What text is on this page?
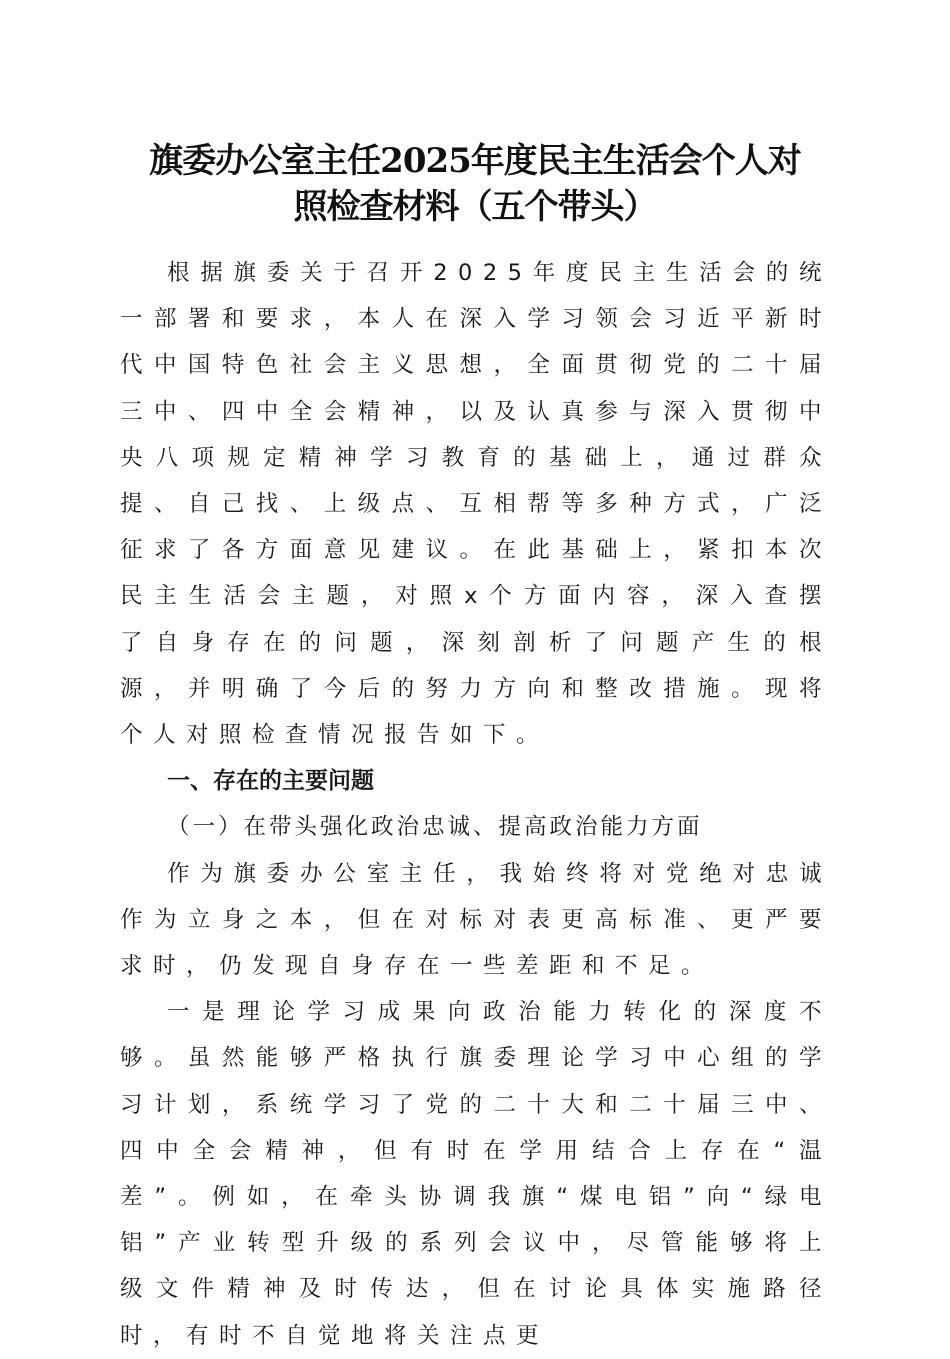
旗委办公室主任2025年度民主生活会个人对
照检查材料（五个带头）

根据旗委关于召开2025年度民主生活会的统一部署和要求，本人在深入学习领会习近平新时代中国特色社会主义思想，全面贯彻党的二十届三中、四中全会精神，以及认真参与深入贯彻中央八项规定精神学习教育的基础上，通过群众提、自己找、上级点、互相帮等多种方式，广泛征求了各方面意见建议。在此基础上，紧扣本次民主生活会主题，对照x个方面内容，深入查摆了自身存在的问题，深刻剖析了问题产生的根源，并明确了今后的努力方向和整改措施。现将个人对照检查情况报告如下。

一、存在的主要问题

（一）在带头强化政治忠诚、提高政治能力方面

作为旗委办公室主任，我始终将对党绝对忠诚作为立身之本，但在对标对表更高标准、更严要求时，仍发现自身存在一些差距和不足。

一是理论学习成果向政治能力转化的深度不够。虽然能够严格执行旗委理论学习中心组的学习计划，系统学习了党的二十大和二十届三中、四中全会精神，但有时在学用结合上存在“温差”。例如，在牵头协调我旗“煤电铝”向“绿电铝”产业转型升级的系列会议中，尽管能够将上级文件精神及时传达，但在讨论具体实施路径时，有时不自觉地将关注点更
